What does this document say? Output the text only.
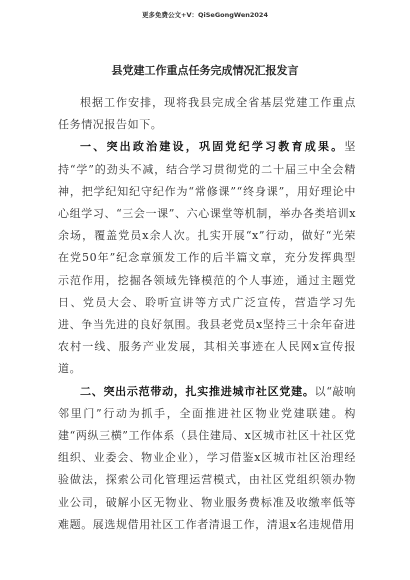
更多免费公文+V：QiSeGongWen2024
县党建工作重点任务完成情况汇报发言

根据工作安排，现将我县完成全省基层党建工作重点任务情况报告如下。

一、突出政治建设，巩固党纪学习教育成果。坚持“学”的劲头不减，结合学习贯彻党的二十届三中全会精神，把学纪知纪守纪作为“常修课”“终身课”，用好理论中心组学习、“三会一课”、六心课堂等机制，举办各类培训x余场，覆盖党员x余人次。扎实开展“x”行动，做好“光荣在党50年”纪念章颁发工作的后半篇文章，充分发挥典型示范作用，挖掘各领域先锋模范的个人事迹，通过主题党日、党员大会、聆听宣讲等方式广泛宣传，营造学习先进、争当先进的良好氛围。我县老党员x坚持三十余年奋进农村一线、服务产业发展，其相关事迹在人民网x宣传报道。

二、突出示范带动，扎实推进城市社区党建。以“敲响邻里门”行动为抓手，全面推进社区物业党建联建。构建“两纵三横”工作体系（县住建局、x区城市社区十社区党组织、业委会、物业企业），学习借鉴x区城市社区治理经验做法，探索公司化管理运营模式，由社区党组织领办物业公司，破解小区无物业、物业服务费标准及收缴率低等难题。展选规借用社区工作者清退工作，清退x名违规借用
